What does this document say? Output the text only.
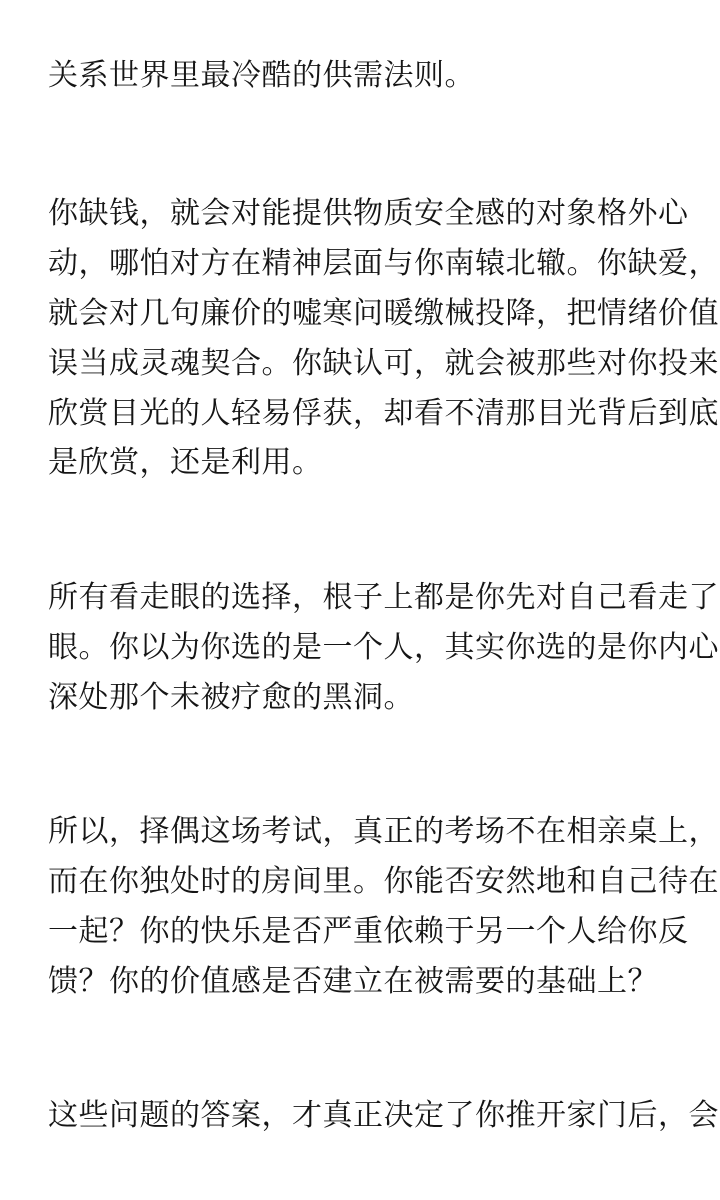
关系世界里最冷酷的供需法则。
你缺钱，就会对能提供物质安全感的对象格外心
动，哪怕对方在精神层面与你南辕北辙。你缺爱，
就会对几句廉价的嘘寒问暖缴械投降，把情绪价值
误当成灵魂契合。你缺认可，就会被那些对你投来
欣赏目光的人轻易俘获，却看不清那目光背后到底
是欣赏，还是利用。
所有看走眼的选择，根子上都是你先对自己看走了
眼。你以为你选的是一个人，其实你选的是你内心
深处那个未被疗愈的黑洞。
所以，择偶这场考试，真正的考场不在相亲桌上，
而在你独处时的房间里。你能否安然地和自己待在
一起？你的快乐是否严重依赖于另一个人给你反
馈？你的价值感是否建立在被需要的基础上？
这些问题的答案，才真正决定了你推开家门后，会
